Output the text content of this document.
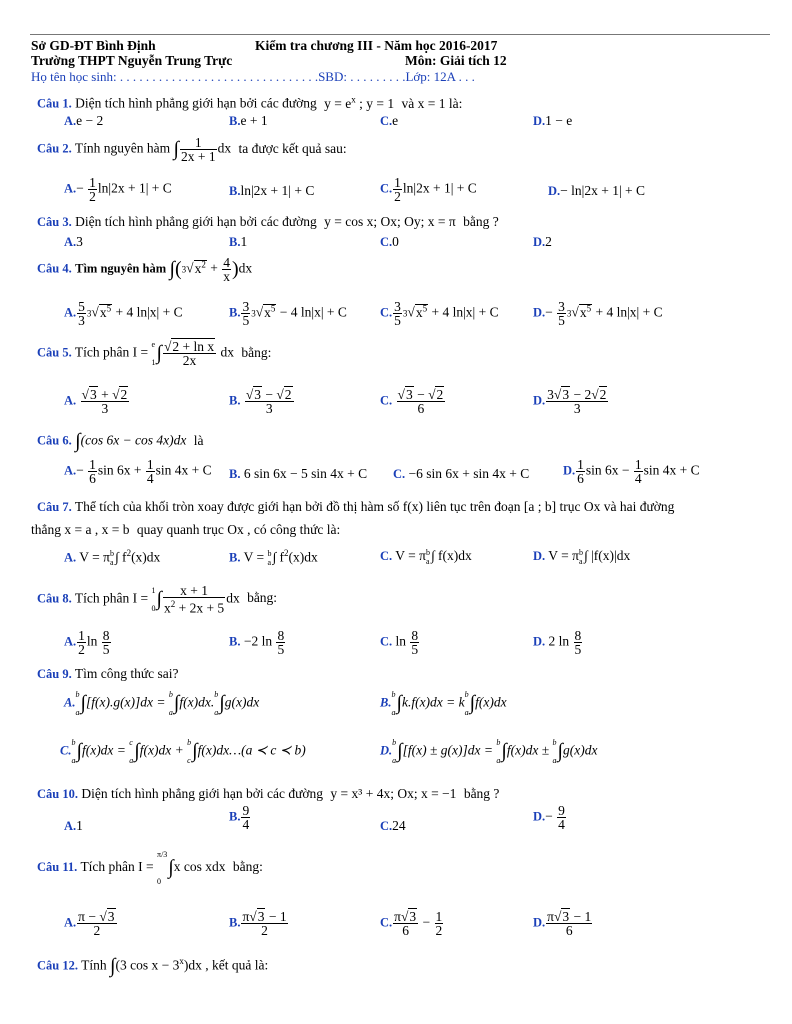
Sở GD-ĐT Bình Định
Trường THPT Nguyễn Trung Trực
Kiểm tra chương III - Năm học 2016-2017
Môn: Giải tích 12
Họ tên học sinh: . . . . . . . . . . . . . . . . . . . . . . . . . . . . . . .SBD: . . . . . . . . .Lớp: 12A . . .
Câu 1. Diện tích hình phẳng giới hạn bởi các đường $y = e^x$ ; y = 1 và x = 1 là:
A.e − 2	B.e + 1	C.e	D.1 − e
Câu 2. Tính nguyên hàm ∫ $\frac{1}{2x + 1}$ dx ta được kết quả sau:
$A.- \frac{1}{2} \ln|2x + 1| + C$	B.ln|2x + 1| + C	C. $\frac{1}{2} \ln|2x + 1| + C$	D.− ln|2x + 1| + C
Câu 3. Diện tích hình phẳng giới hạn bởi các đường y = cos x; Ox; Oy; x = π bằng ?
A.3	B.1	C.0	D.2
Câu 4. Tìm nguyên hàm $\int(3√x^2 + \frac{4}{x} )dx$
A. $\frac{5}{3} 3√x^5 + 4$ ln|x| + C	B. $\frac{3}{5} 3√x^5 - 4$ ln|x| + C	C. $\frac{3}{5} 3√x^5 + 4$ ln|x| + C	$D.- \frac{3}{5} 3√x^5 + 4$ ln|x| + C
Câu 5. Tích phân I = e

$1\int \frac{\text{√2 + ln x}}{2x}$ dx bằng:
A. $\frac{√3 + √2}{3}$	B. $\frac{√3 - √2}{3}$	C. $\frac{√3 - √2}{6}$	D. $\frac{3√3 - 2√2}{3}$
Câu 6. ∫(cos 6x − cos 4x)dx là
$A.- \frac{1}{6}$ $\sin 6x + \frac{1}{4}$ sin 4x + C B. 6 sin 6x − 5 sin 4x + C C. −6 sin 6x + sin 4x + C	D. $\frac{1}{6}$ $\sin 6x - \frac{1}{4}$ sin 4x + C
Câu 7. Thể tích của khối tròn xoay được giới hạn bởi đồ thị hàm số f(x) liên tục trên đoạn [a ; b] trục Ox và hai đường
thẳng x = a , x = b quay quanh trục Ox , có công thức là:
A. V = πb
a∫ $f^2(x)dx$	B. V = b
a∫ $f^2(x)dx$	C. V = πb
a∫ f(x)dx	D. V = πb
a∫ |f(x)|dx
Câu 8. Tích phân I = 1

$0\int \frac{x + 1}{x^2 + 2x + 5}$ dx bằng:
A. $\frac{1}{2}$ $\ln \frac{8}{5}$	B. −2 $\ln \frac{8}{5}$	C. $\ln \frac{8}{5}$	D. 2 $\ln \frac{8}{5}$
Câu 9. Tìm công thức sai?
A.b

a∫[f(x).g(x)]dx = b

a∫f(x)dx.b

a∫g(x)dx	B.b

a∫k.f(x)dx = kb

a∫f(x)dx
C.b

a∫f(x)dx = c

a∫f(x)dx + b

c∫f(x)dx…(a ≺ c ≺ b)	D.b

a∫[f(x) ± g(x)]dx = b

a∫f(x)dx ± b

a∫g(x)dx
Câu 10. Diện tích hình phẳng giới hạn bởi các đường y = x³ + 4x; Ox; x = −1 bằng ?
A.1
B. $\frac{9}{4}$	C.24
$D.- \frac{9}{4}$
Câu 11. Tích phân I = π/3

0∫x cos xdx bằng:
A. $\frac{\pi - √3}{2}$	B. $\frac{\pi√3 - 1}{2}$	C. $\frac{\pi√3}{6} - \frac{1}{2}$	D. $\frac{\pi√3 - 1}{6}$
Câu 12. Tính ∫(3 $\cos x - 3^x)dx$ , kết quả là:
